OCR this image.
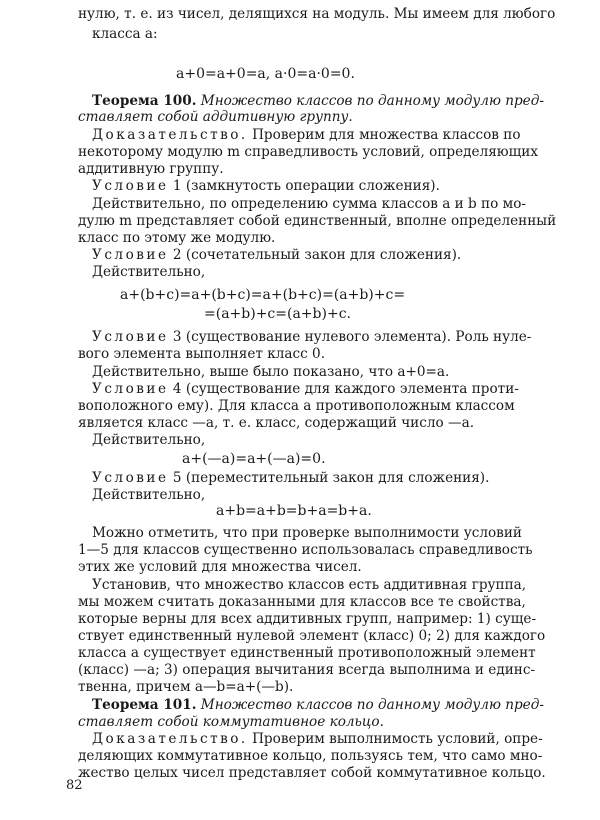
нулю, т. е. из чисел, делящихся на модуль. Мы имеем для любого
класса a:
a+0=a+0=a, a·0=a·0=0.
Теорема 100. Множество классов по данному модулю пред-
ставляет собой аддитивную группу.
Доказательство. Проверим для множества классов по
некоторому модулю m справедливость условий, определяющих
аддитивную группу.
Условие 1 (замкнутость операции сложения).
Действительно, по определению сумма классов a и b по мо-
дулю m представляет собой единственный, вполне определенный
класс по этому же модулю.
Условие 2 (сочетательный закон для сложения).
Действительно,
a+(b+c)=a+(b+c)=a+(b+c)=(a+b)+c=
=(a+b)+c=(a+b)+c.
Условие 3 (существование нулевого элемента). Роль нуле-
вого элемента выполняет класс 0.
Действительно, выше было показано, что a+0=a.
Условие 4 (существование для каждого элемента проти-
воположного ему). Для класса a противоположным классом
является класс —a, т. е. класс, содержащий число —a.
Действительно,
a+(—a)=a+(—a)=0.
Условие 5 (переместительный закон для сложения).
Действительно,
a+b=a+b=b+a=b+a.
Можно отметить, что при проверке выполнимости условий
1—5 для классов существенно использовалась справедливость
этих же условий для множества чисел.
Установив, что множество классов есть аддитивная группа,
мы можем считать доказанными для классов все те свойства,
которые верны для всех аддитивных групп, например: 1) суще-
ствует единственный нулевой элемент (класс) 0; 2) для каждого
класса a существует единственный противоположный элемент
(класс) —a; 3) операция вычитания всегда выполнима и единс-
твенна, причем a—b=a+(—b).
Теорема 101. Множество классов по данному модулю пред-
ставляет собой коммутативное кольцо.
Доказательство. Проверим выполнимость условий, опре-
деляющих коммутативное кольцо, пользуясь тем, что само мно-
жество целых чисел представляет собой коммутативное кольцо.
82
